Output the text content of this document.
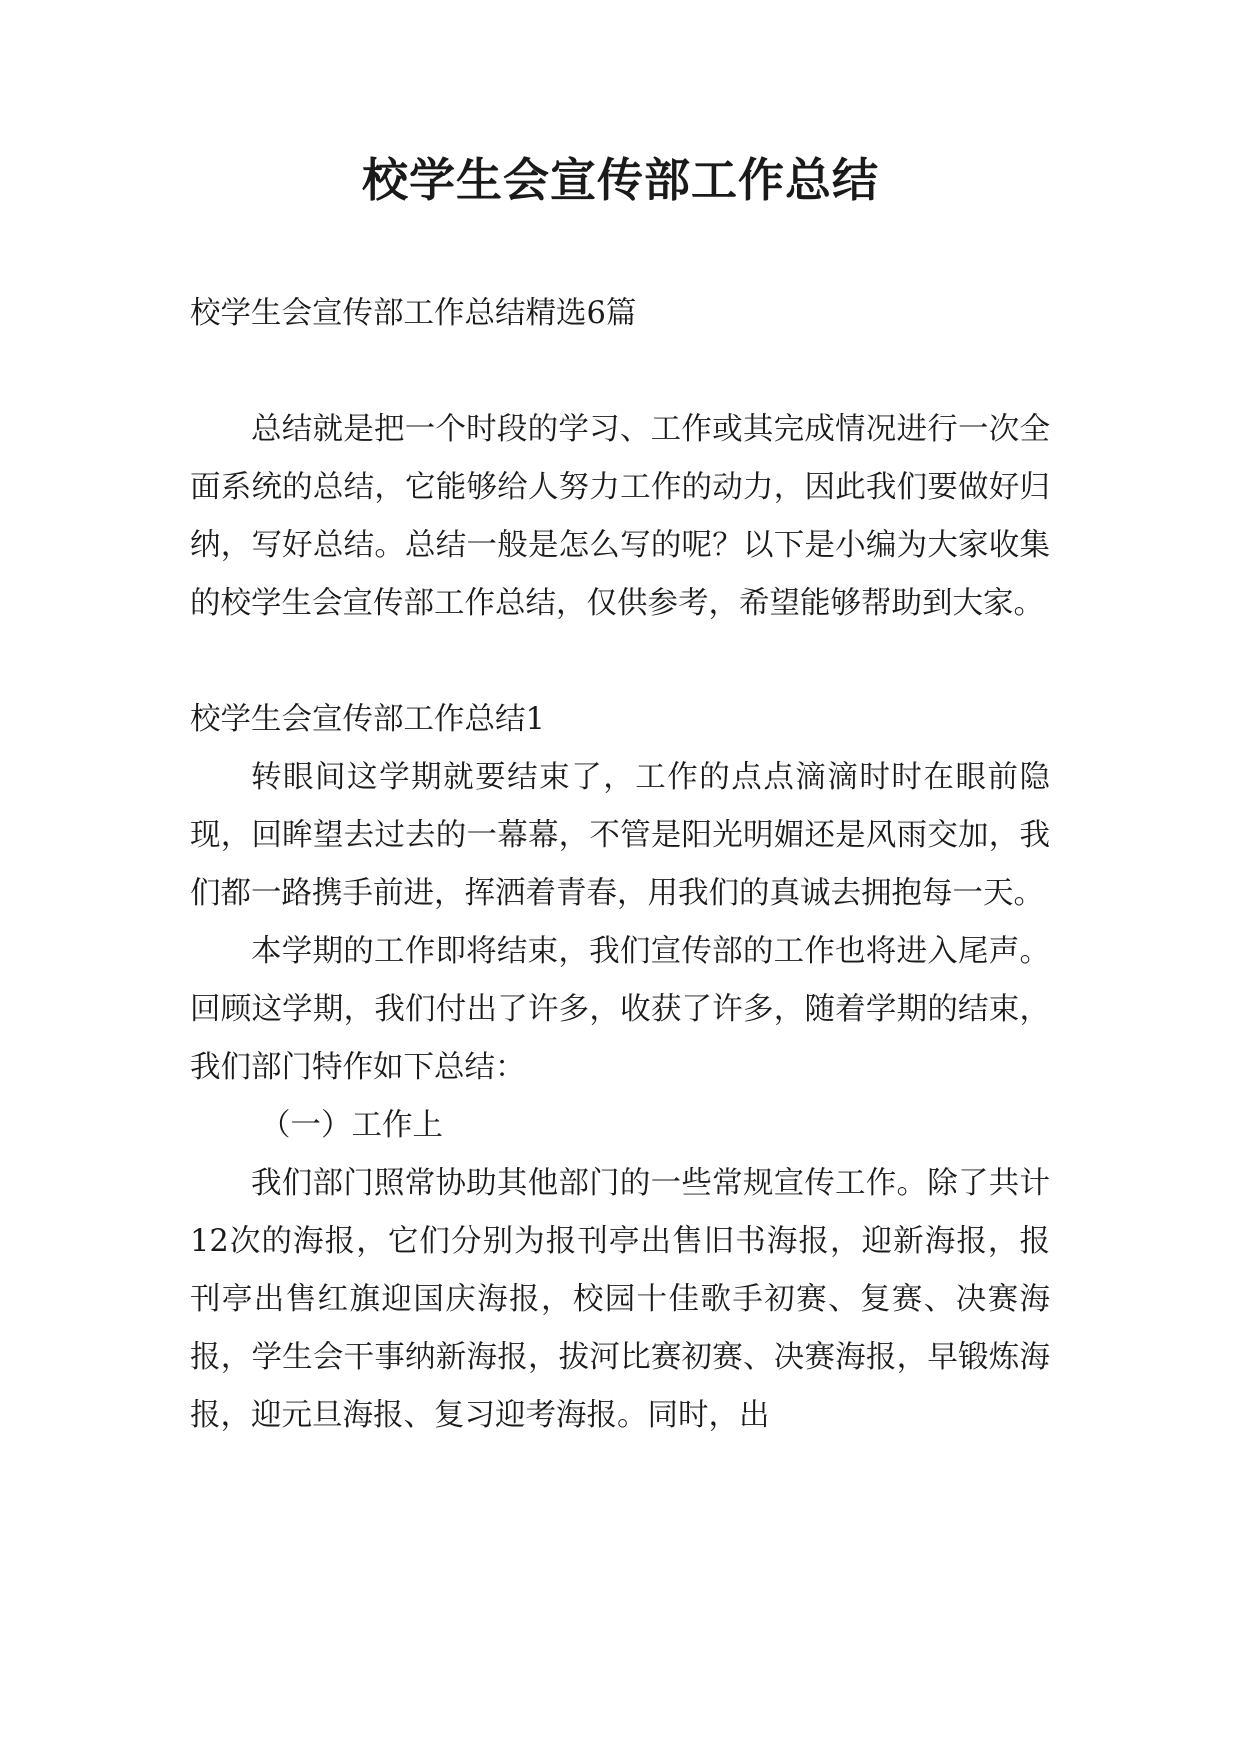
校学生会宣传部工作总结

校学生会宣传部工作总结精选6篇

总结就是把一个时段的学习、工作或其完成情况进行一次全面系统的总结，它能够给人努力工作的动力，因此我们要做好归纳，写好总结。总结一般是怎么写的呢？以下是小编为大家收集的校学生会宣传部工作总结，仅供参考，希望能够帮助到大家。

校学生会宣传部工作总结1

转眼间这学期就要结束了，工作的点点滴滴时时在眼前隐现，回眸望去过去的一幕幕，不管是阳光明媚还是风雨交加，我们都一路携手前进，挥洒着青春，用我们的真诚去拥抱每一天。

本学期的工作即将结束，我们宣传部的工作也将进入尾声。回顾这学期，我们付出了许多，收获了许多，随着学期的结束，我们部门特作如下总结：

（一）工作上

我们部门照常协助其他部门的一些常规宣传工作。除了共计12次的海报，它们分别为报刊亭出售旧书海报，迎新海报，报刊亭出售红旗迎国庆海报，校园十佳歌手初赛、复赛、决赛海报，学生会干事纳新海报，拔河比赛初赛、决赛海报，早锻炼海报，迎元旦海报、复习迎考海报。同时，出
